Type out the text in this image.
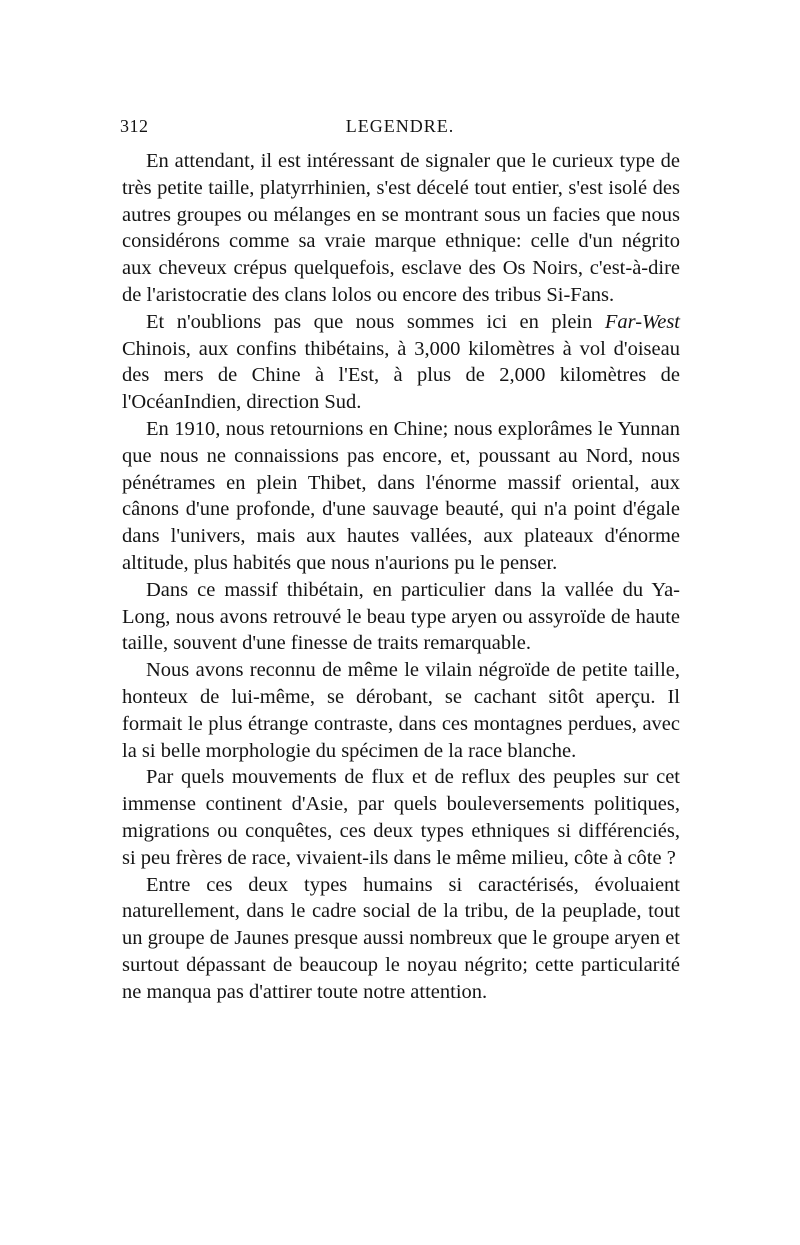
312	LEGENDRE.

En attendant, il est intéressant de signaler que le curieux type de très petite taille, platyrrhinien, s'est décelé tout entier, s'est isolé des autres groupes ou mélanges en se montrant sous un facies que nous considérons comme sa vraie marque ethnique: celle d'un négrito aux cheveux crépus quelquefois, esclave des Os Noirs, c'est-à-dire de l'aristocratie des clans lolos ou encore des tribus Si-Fans.

Et n'oublions pas que nous sommes ici en plein Far-West Chinois, aux confins thibétains, à 3,000 kilomètres à vol d'oiseau des mers de Chine à l'Est, à plus de 2,000 kilomètres de l'OcéanIndien, direction Sud.

En 1910, nous retournions en Chine; nous explorâmes le Yunnan que nous ne connaissions pas encore, et, poussant au Nord, nous pénétrames en plein Thibet, dans l'énorme massif oriental, aux cânons d'une profonde, d'une sauvage beauté, qui n'a point d'égale dans l'univers, mais aux hautes vallées, aux plateaux d'énorme altitude, plus habités que nous n'aurions pu le penser.

Dans ce massif thibétain, en particulier dans la vallée du Ya-Long, nous avons retrouvé le beau type aryen ou assyroïde de haute taille, souvent d'une finesse de traits remarquable.

Nous avons reconnu de même le vilain négroïde de petite taille, honteux de lui-même, se dérobant, se cachant sitôt aperçu. Il formait le plus étrange contraste, dans ces montagnes perdues, avec la si belle morphologie du spécimen de la race blanche.

Par quels mouvements de flux et de reflux des peuples sur cet immense continent d'Asie, par quels bouleversements politiques, migrations ou conquêtes, ces deux types ethniques si différenciés, si peu frères de race, vivaient-ils dans le même milieu, côte à côte ?

Entre ces deux types humains si caractérisés, évoluaient naturellement, dans le cadre social de la tribu, de la peuplade, tout un groupe de Jaunes presque aussi nombreux que le groupe aryen et surtout dépassant de beaucoup le noyau négrito; cette particularité ne manqua pas d'attirer toute notre attention.
